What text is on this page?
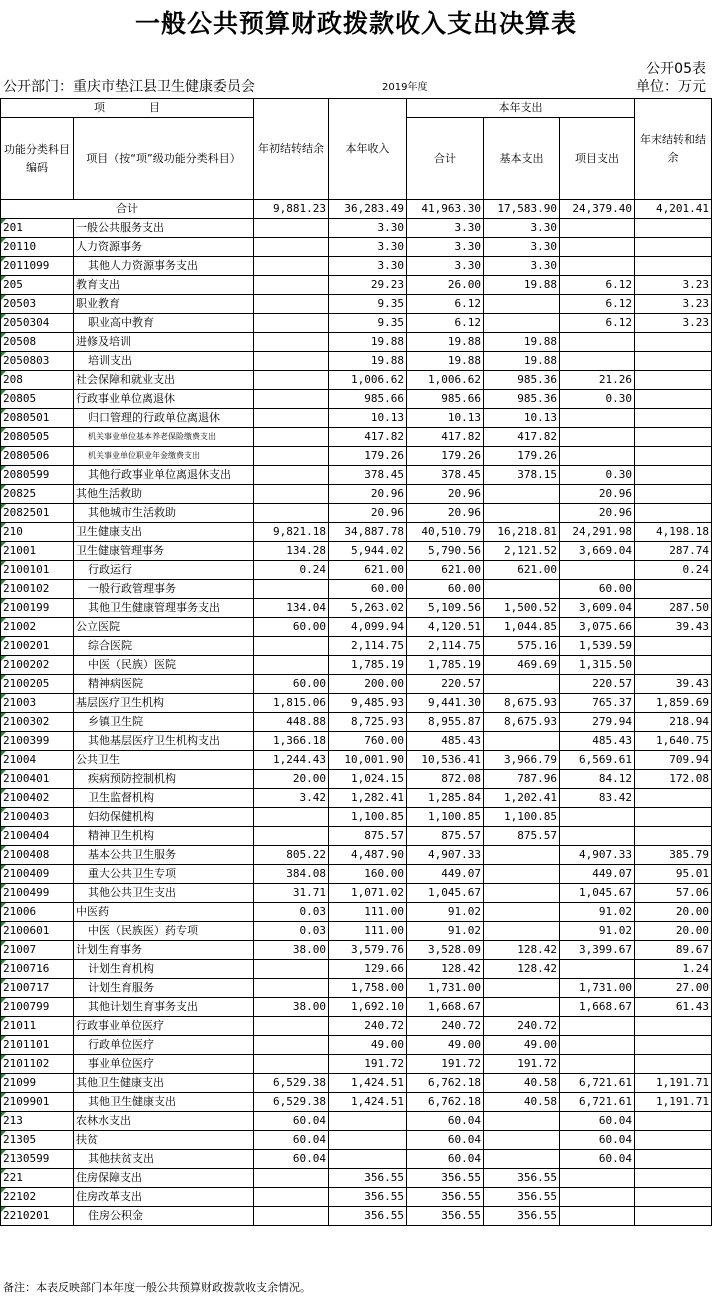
一般公共预算财政拨款收入支出决算表
公开05表
公开部门：重庆市垫江县卫生健康委员会	2019年度	单位：万元
项　　　　目		年初结转结余	本年收入	本年支出			年末结转和结余
功能分类科目编码	项目（按“项”级功能分类科目）			合计	基本支出	项目支出	
合计		9,881.23	36,283.49	41,963.30	17,583.90	24,379.40	4,201.41
201	一般公共服务支出		3.30	3.30	3.30		
20110	人力资源事务		3.30	3.30	3.30		
2011099	其他人力资源事务支出		3.30	3.30	3.30		
205	教育支出		29.23	26.00	19.88	6.12	3.23
20503	职业教育		9.35	6.12		6.12	3.23
2050304	职业高中教育		9.35	6.12		6.12	3.23
20508	进修及培训		19.88	19.88	19.88		
2050803	培训支出		19.88	19.88	19.88		
208	社会保障和就业支出		1,006.62	1,006.62	985.36	21.26	
20805	行政事业单位离退休		985.66	985.66	985.36	0.30	
2080501	归口管理的行政单位离退休		10.13	10.13	10.13		
2080505	机关事业单位基本养老保险缴费支出		417.82	417.82	417.82		
2080506	机关事业单位职业年金缴费支出		179.26	179.26	179.26		
2080599	其他行政事业单位离退休支出		378.45	378.45	378.15	0.30	
20825	其他生活救助		20.96	20.96		20.96	
2082501	其他城市生活救助		20.96	20.96		20.96	
210	卫生健康支出	9,821.18	34,887.78	40,510.79	16,218.81	24,291.98	4,198.18
21001	卫生健康管理事务	134.28	5,944.02	5,790.56	2,121.52	3,669.04	287.74
2100101	行政运行	0.24	621.00	621.00	621.00		0.24
2100102	一般行政管理事务		60.00	60.00		60.00	
2100199	其他卫生健康管理事务支出	134.04	5,263.02	5,109.56	1,500.52	3,609.04	287.50
21002	公立医院	60.00	4,099.94	4,120.51	1,044.85	3,075.66	39.43
2100201	综合医院		2,114.75	2,114.75	575.16	1,539.59	
2100202	中医（民族）医院		1,785.19	1,785.19	469.69	1,315.50	
2100205	精神病医院	60.00	200.00	220.57		220.57	39.43
21003	基层医疗卫生机构	1,815.06	9,485.93	9,441.30	8,675.93	765.37	1,859.69
2100302	乡镇卫生院	448.88	8,725.93	8,955.87	8,675.93	279.94	218.94
2100399	其他基层医疗卫生机构支出	1,366.18	760.00	485.43		485.43	1,640.75
21004	公共卫生	1,244.43	10,001.90	10,536.41	3,966.79	6,569.61	709.94
2100401	疾病预防控制机构	20.00	1,024.15	872.08	787.96	84.12	172.08
2100402	卫生监督机构	3.42	1,282.41	1,285.84	1,202.41	83.42	
2100403	妇幼保健机构		1,100.85	1,100.85	1,100.85		
2100404	精神卫生机构		875.57	875.57	875.57		
2100408	基本公共卫生服务	805.22	4,487.90	4,907.33		4,907.33	385.79
2100409	重大公共卫生专项	384.08	160.00	449.07		449.07	95.01
2100499	其他公共卫生支出	31.71	1,071.02	1,045.67		1,045.67	57.06
21006	中医药	0.03	111.00	91.02		91.02	20.00
2100601	中医（民族医）药专项	0.03	111.00	91.02		91.02	20.00
21007	计划生育事务	38.00	3,579.76	3,528.09	128.42	3,399.67	89.67
2100716	计划生育机构		129.66	128.42	128.42		1.24
2100717	计划生育服务		1,758.00	1,731.00		1,731.00	27.00
2100799	其他计划生育事务支出	38.00	1,692.10	1,668.67		1,668.67	61.43
21011	行政事业单位医疗		240.72	240.72	240.72		
2101101	行政单位医疗		49.00	49.00	49.00		
2101102	事业单位医疗		191.72	191.72	191.72		
21099	其他卫生健康支出	6,529.38	1,424.51	6,762.18	40.58	6,721.61	1,191.71
2109901	其他卫生健康支出	6,529.38	1,424.51	6,762.18	40.58	6,721.61	1,191.71
213	农林水支出	60.04		60.04		60.04	
21305	扶贫	60.04		60.04		60.04	
2130599	其他扶贫支出	60.04		60.04		60.04	
221	住房保障支出		356.55	356.55	356.55		
22102	住房改革支出		356.55	356.55	356.55		
2210201	住房公积金		356.55	356.55	356.55		
备注：本表反映部门本年度一般公共预算财政拨款收支余情况。
